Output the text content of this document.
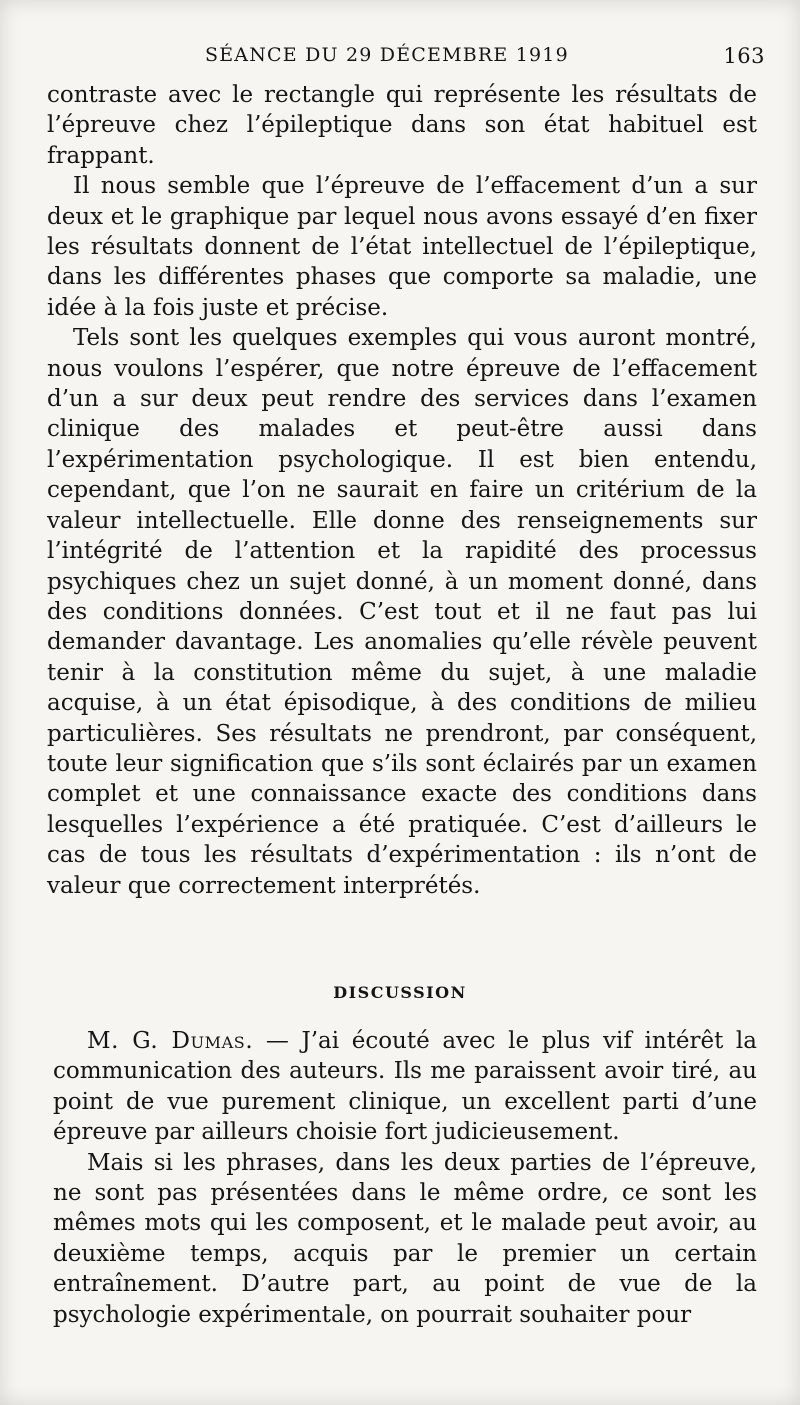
SÉANCE DU 29 DÉCEMBRE 1919	163

contraste avec le rectangle qui représente les résultats de l’épreuve chez l’épileptique dans son état habituel est frappant.

Il nous semble que l’épreuve de l’effacement d’un a sur deux et le graphique par lequel nous avons essayé d’en fixer les résultats donnent de l’état intellectuel de l’épileptique, dans les différentes phases que comporte sa maladie, une idée à la fois juste et précise.

Tels sont les quelques exemples qui vous auront montré, nous voulons l’espérer, que notre épreuve de l’effacement d’un a sur deux peut rendre des services dans l’examen clinique des malades et peut-être aussi dans l’expérimentation psychologique. Il est bien entendu, cependant, que l’on ne saurait en faire un critérium de la valeur intellectuelle. Elle donne des renseignements sur l’intégrité de l’attention et la rapidité des processus psychiques chez un sujet donné, à un moment donné, dans des conditions données. C’est tout et il ne faut pas lui demander davantage. Les anomalies qu’elle révèle peuvent tenir à la constitution même du sujet, à une maladie acquise, à un état épisodique, à des conditions de milieu particulières. Ses résultats ne prendront, par conséquent, toute leur signification que s’ils sont éclairés par un examen complet et une connaissance exacte des conditions dans lesquelles l’expérience a été pratiquée. C’est d’ailleurs le cas de tous les résultats d’expérimentation : ils n’ont de valeur que correctement interprétés.

DISCUSSION

M. G. Dumas. — J’ai écouté avec le plus vif intérêt la communication des auteurs. Ils me paraissent avoir tiré, au point de vue purement clinique, un excellent parti d’une épreuve par ailleurs choisie fort judicieusement.

Mais si les phrases, dans les deux parties de l’épreuve, ne sont pas présentées dans le même ordre, ce sont les mêmes mots qui les composent, et le malade peut avoir, au deuxième temps, acquis par le premier un certain entraînement. D’autre part, au point de vue de la psychologie expérimentale, on pourrait souhaiter pour
